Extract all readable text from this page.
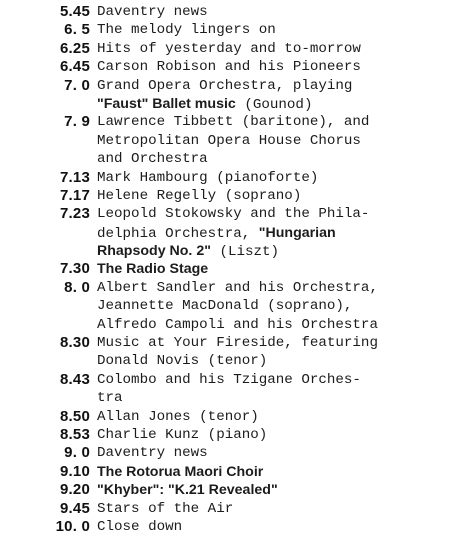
5.45 Daventry news
6. 5 The melody lingers on
6.25 Hits of yesterday and to-morrow
6.45 Carson Robison and his Pioneers
7. 0 Grand Opera Orchestra, playing
"Faust" Ballet music (Gounod)
7. 9 Lawrence Tibbett (baritone), and
Metropolitan Opera House Chorus
and Orchestra
7.13 Mark Hambourg (pianoforte)
7.17 Helene Regelly (soprano)
7.23 Leopold Stokowsky and the Phila-
delphia Orchestra, "Hungarian
Rhapsody No. 2" (Liszt)
7.30 The Radio Stage
8. 0 Albert Sandler and his Orchestra,
Jeannette MacDonald (soprano),
Alfredo Campoli and his Orchestra
8.30 Music at Your Fireside, featuring
Donald Novis (tenor)
8.43 Colombo and his Tzigane Orches-
tra
8.50 Allan Jones (tenor)
8.53 Charlie Kunz (piano)
9. 0 Daventry news
9.10 The Rotorua Maori Choir
9.20 "Khyber": "K.21 Revealed"
9.45 Stars of the Air
10. 0 Close down
